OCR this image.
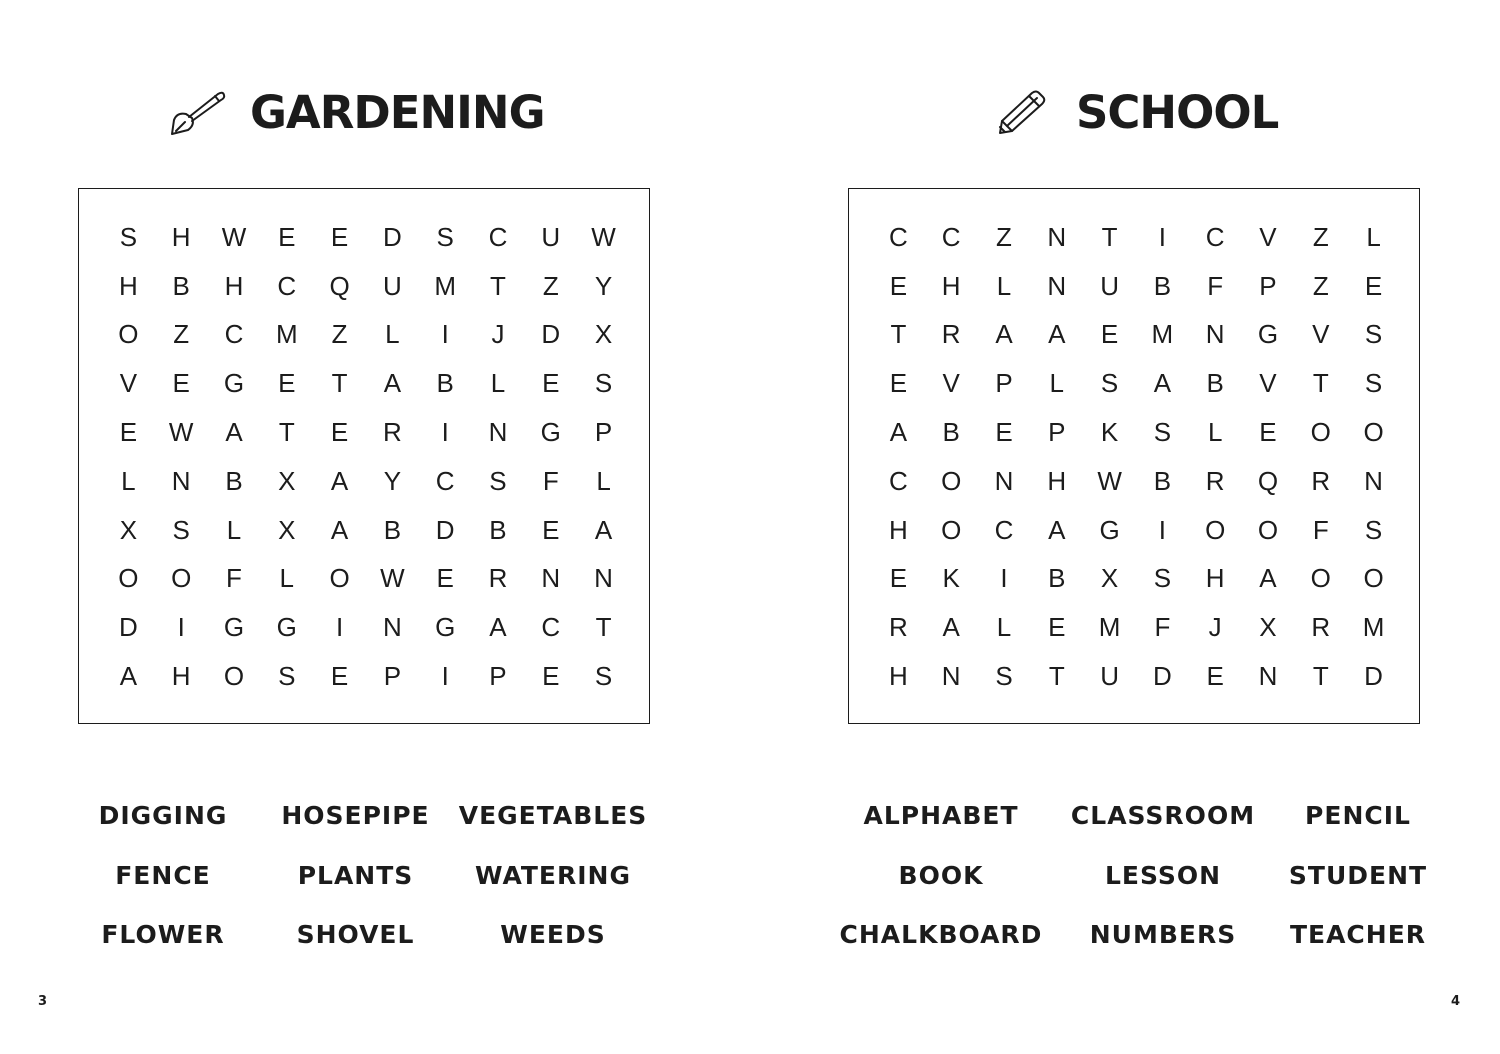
GARDENING
S	H	W	E	E	D	S	C	U	W
H	B	H	C	Q	U	M	T	Z	Y
O	Z	C	M	Z	L	I	J	D	X
V	E	G	E	T	A	B	L	E	S
E	W	A	T	E	R	I	N	G	P
L	N	B	X	A	Y	C	S	F	L
X	S	L	X	A	B	D	B	E	A
O	O	F	L	O	W	E	R	N	N
D	I	G	G	I	N	G	A	C	T
A	H	O	S	E	P	I	P	E	S
DIGGING	HOSEPIPE	VEGETABLES
FENCE	PLANTS	WATERING
FLOWER	SHOVEL	WEEDS
3
SCHOOL
C	C	Z	N	T	I	C	V	Z	L
E	H	L	N	U	B	F	P	Z	E
T	R	A	A	E	M	N	G	V	S
E	V	P	L	S	A	B	V	T	S
A	B	E	P	K	S	L	E	O	O
C	O	N	H	W	B	R	Q	R	N
H	O	C	A	G	I	O	O	F	S
E	K	I	B	X	S	H	A	O	O
R	A	L	E	M	F	J	X	R	M
H	N	S	T	U	D	E	N	T	D
ALPHABET	CLASSROOM	PENCIL
BOOK	LESSON	STUDENT
CHALKBOARD	NUMBERS	TEACHER
4
